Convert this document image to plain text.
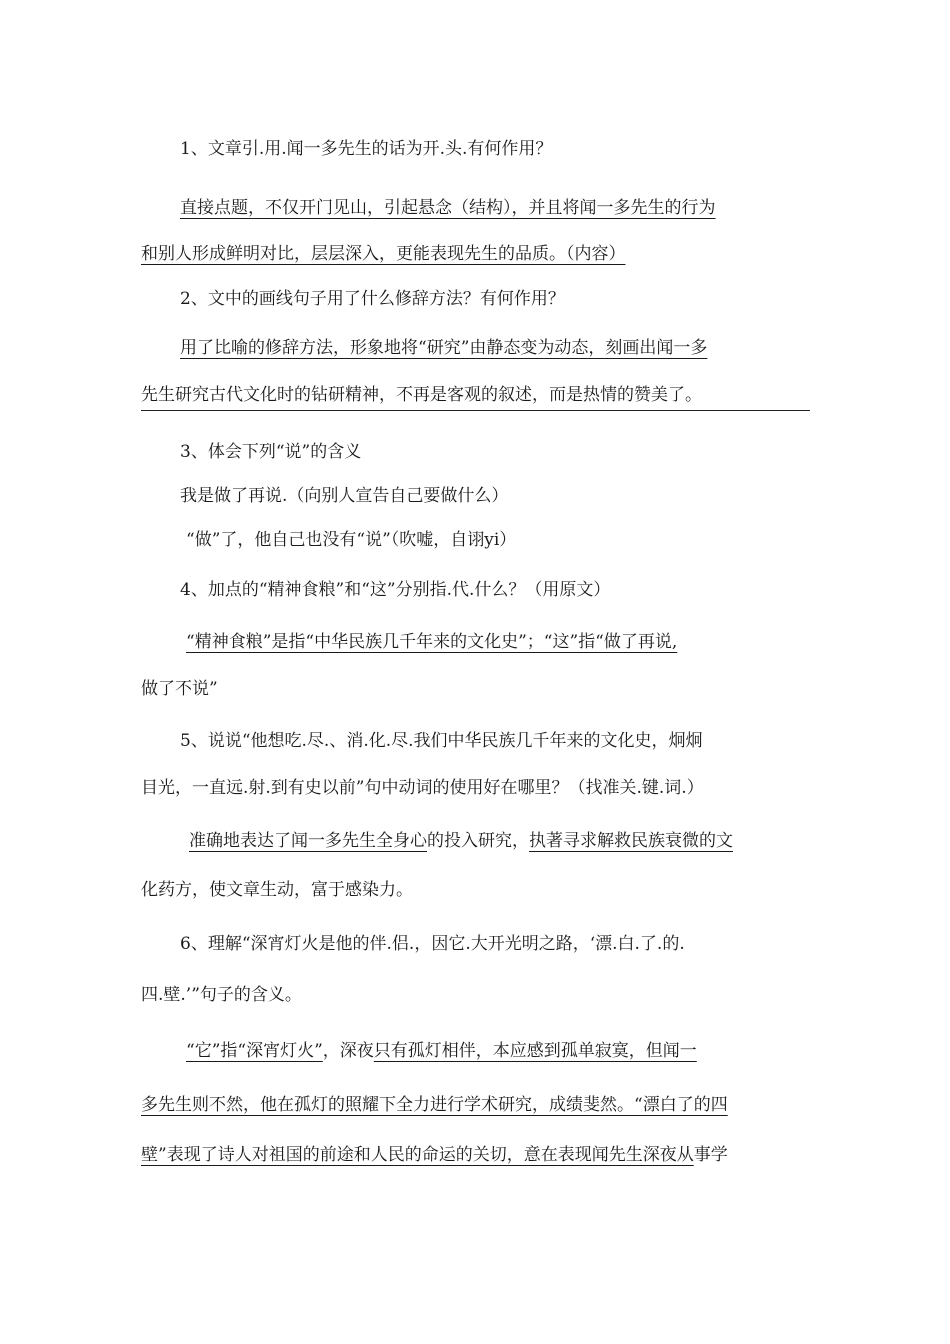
1、文章引.用.闻一多先生的话为开.头.有何作用？
直接点题，不仅开门见山，引起悬念（结构），并且将闻一多先生的行为
和别人形成鲜明对比，层层深入，更能表现先生的品质。（内容）
2、文中的画线句子用了什么修辞方法？有何作用？
用了比喻的修辞方法，形象地将“研究”由静态变为动态，刻画出闻一多
先生研究古代文化时的钻研精神，不再是客观的叙述，而是热情的赞美了。
3、体会下列“说”的含义
我是做了再说.（向别人宣告自己要做什么）
“做”了，他自己也没有“说”（吹嘘，自诩yi）
4、加点的“精神食粮”和“这”分别指.代.什么？（用原文）
“精神食粮”是指“中华民族几千年来的文化史”；“这”指“做了再说,
做了不说”
5、说说“他想吃.尽.、消.化.尽.我们中华民族几千年来的文化史，炯炯
目光，一直远.射.到有史以前”句中动词的使用好在哪里？（找准关.键.词.）
准确地表达了闻一多先生全身心的投入研究，执著寻求解救民族衰微的文
化药方，使文章生动，富于感染力。
6、理解“深宵灯火是他的伴.侣.，因它.大开光明之路，‘漂.白.了.的.
四.壁.’”句子的含义。
“它”指“深宵灯火”，深夜只有孤灯相伴，本应感到孤单寂寞，但闻一
多先生则不然，他在孤灯的照耀下全力进行学术研究，成绩斐然。“漂白了的四
壁”表现了诗人对祖国的前途和人民的命运的关切，意在表现闻先生深夜从事学
